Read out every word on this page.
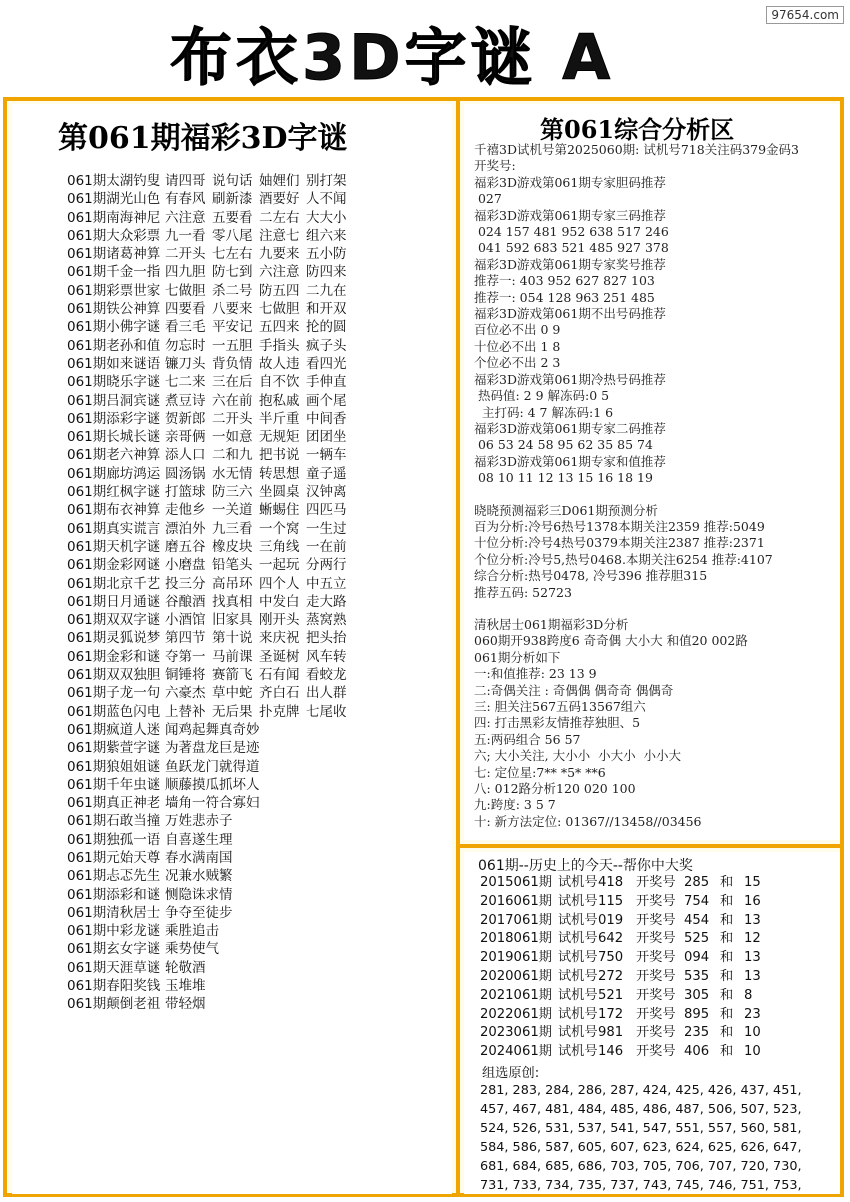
布衣3D字谜 A
97654.com
第061期福彩3D字谜
061期太湖钓叟 请四哥 说句话 妯娌们 别打架
061期湖光山色 有春风 刷新漆 酒要好 人不闻
061期南海神尼 六注意 五要看 二左右 大大小
061期大众彩票 九一看 零八尾 注意七 组六来
061期诸葛神算 二开头 七左右 九要来 五小防
061期千金一指 四九胆 防七到 六注意 防四来
061期彩票世家 七做胆 杀二号 防五四 二九在
061期铁公神算 四要看 八要来 七做胆 和开双
061期小佛字谜 看三毛 平安记 五四来 抡的圆
061期老孙和值 勿忘时 一五胆 手指头 疯子头
061期如来谜语 镰刀头 背负情 故人违 看四光
061期晓乐字谜 七二来 三在后 自不饮 手伸直
061期吕洞宾谜 煮豆诗 六在前 抱私戚 画个尾
061期添彩字谜 贺新郎 二开头 半斤重 中间香
061期长城长谜 亲哥俩 一如意 无规矩 团团坐
061期老六神算 添人口 二和九 把书说 一辆车
061期廊坊鸿运 圆汤锅 水无情 转思想 童子遥
061期红枫字谜 打篮球 防三六 坐圆桌 汉钟离
061期布衣神算 走他乡 一关道 蜥蜴住 四匹马
061期真实谎言 漂泊外 九三看 一个窝 一生过
061期天机字谜 磨五谷 橡皮块 三角线 一在前
061期金彩网谜 小磨盘 铅笔头 一起玩 分两行
061期北京千艺 投三分 高吊环 四个人 中五立
061期日月通谜 谷酿酒 找真相 中发白 走大路
061期双双字谜 小酒馆 旧家具 刚开头 蒸窝熟
061期灵狐说梦 第四节 第十说 来庆祝 把头抬
061期金彩和谜 夺第一 马前课 圣诞树 风车转
061期双双独胆 铜锤将 赛箭飞 石有闻 看蛟龙
061期子龙一句 六豪杰 草中蛇 齐白石 出人群
061期蓝色闪电 上替补 无后果 扑克牌 七尾收
061期疯道人迷 闻鸡起舞真奇妙
061期紫萱字谜 为著盘龙巨是迹
061期狼姐姐谜 鱼跃龙门就得道
061期千年虫谜 顺藤摸瓜抓坏人
061期真正神老 墙角一符合寡妇
061期石敢当撞 万姓悲赤子
061期独孤一语 自喜遂生理
061期元始天尊 春水满南国
061期忐忑先生 况兼水贼繁
061期添彩和谜 恻隐诛求情
061期清秋居士 争夺至徒步
061期中彩龙谜 乘胜追击
061期玄女字谜 乘势使气
061期天涯草谜 轮敬酒
061期春阳奖钱 玉堆堆
061期颠倒老祖 带轻烟
第061综合分析区
千禧3D试机号第2025060期: 试机号718关注码379金码3
开奖号:
福彩3D游戏第061期专家胆码推荐
027
福彩3D游戏第061期专家三码推荐
024 157 481 952 638 517 246
041 592 683 521 485 927 378
福彩3D游戏第061期专家奖号推荐
推荐一: 403 952 627 827 103
推荐一: 054 128 963 251 485
福彩3D游戏第061期不出号码推荐
百位必不出 0 9
十位必不出 1 8
个位必不出 2 3
福彩3D游戏第061期冷热号码推荐
热码值: 2 9 解冻码:0 5
主打码: 4 7 解冻码:1 6
福彩3D游戏第061期专家二码推荐
06 53 24 58 95 62 35 85 74
福彩3D游戏第061期专家和值推荐
08 10 11 12 13 15 16 18 19
晓晓预测福彩三D061期预测分析
百为分析:冷号6热号1378本期关注2359 推荐:5049
十位分析:冷号4热号0379本期关注2387 推荐:2371
个位分析:冷号5,热号0468.本期关注6254 推荐:4107
综合分析:热号0478, 冷号396 推荐胆315
推荐五码: 52723
清秋居士061期福彩3D分析
060期开938跨度6 奇奇偶 大小大 和值20 002路
061期分析如下
一:和值推荐: 23 13 9
二:奇偶关注 : 奇偶偶 偶奇奇 偶偶奇
三: 胆关注567五码13567组六
四: 打击黑彩友情推荐独胆、5
五:两码组合 56 57
六; 大小关注, 大小小  小大小  小小大
七: 定位星:7** *5* **6
八: 012路分析120 020 100
九:跨度: 3 5 7
十: 新方法定位: 01367//13458//03456
061期--历史上的今天--帮你中大奖
2015061期 试机号418 开奖号 285 和 15
2016061期 试机号115 开奖号 754 和 16
2017061期 试机号019 开奖号 454 和 13
2018061期 试机号642 开奖号 525 和 12
2019061期 试机号750 开奖号 094 和 13
2020061期 试机号272 开奖号 535 和 13
2021061期 试机号521 开奖号 305 和 8
2022061期 试机号172 开奖号 895 和 23
2023061期 试机号981 开奖号 235 和 10
2024061期 试机号146 开奖号 406 和 10
组选原创:
281, 283, 284, 286, 287, 424, 425, 426, 437, 451,
457, 467, 481, 484, 485, 486, 487, 506, 507, 523,
524, 526, 531, 537, 541, 547, 551, 557, 560, 581,
584, 586, 587, 605, 607, 623, 624, 625, 626, 647,
681, 684, 685, 686, 703, 705, 706, 707, 720, 730,
731, 733, 734, 735, 737, 743, 745, 746, 751, 753,
